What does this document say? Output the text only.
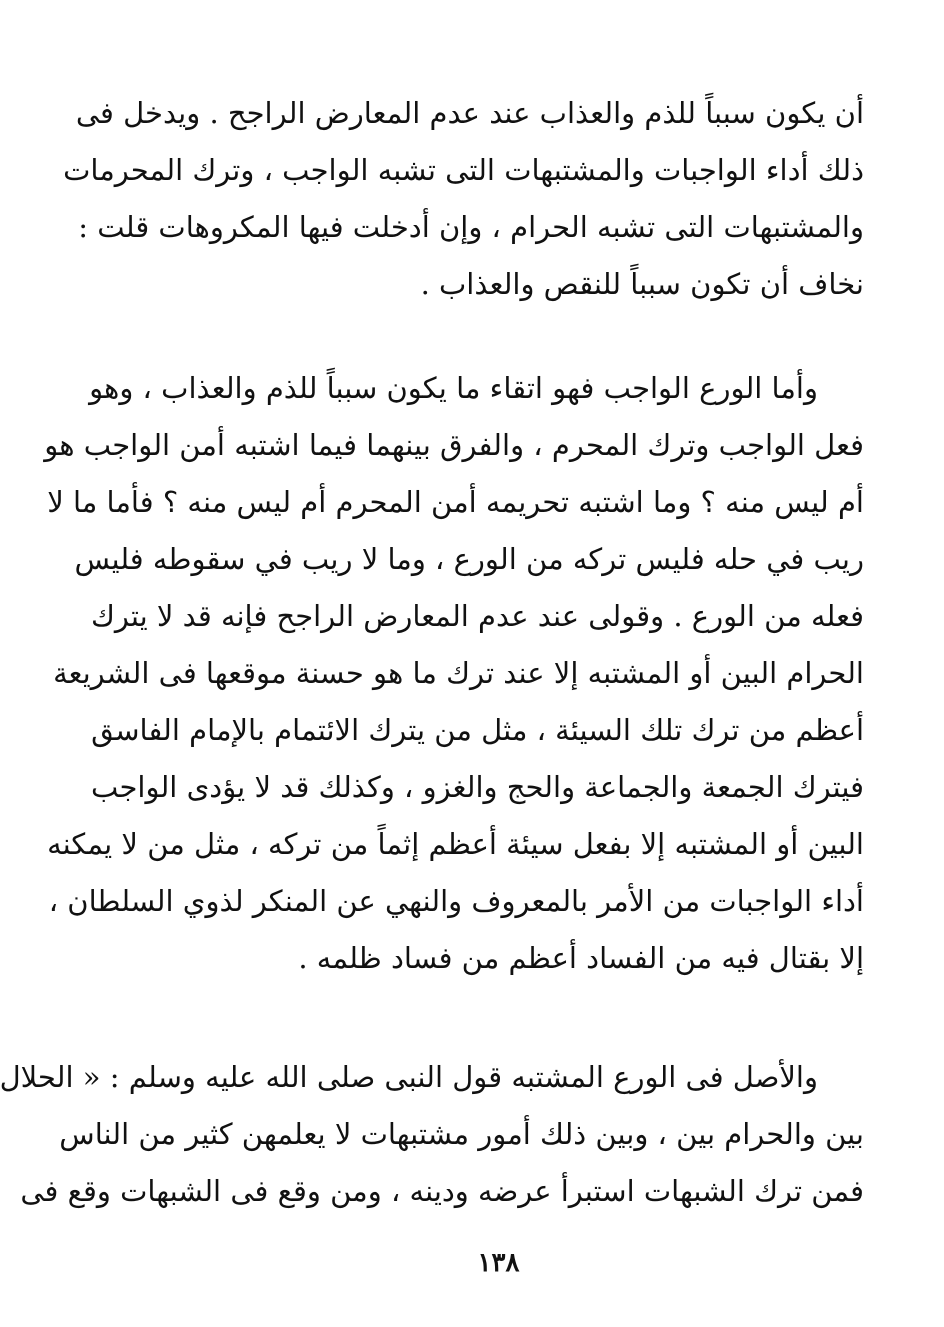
أن يكون سبباً للذم والعذاب عند عدم المعارض الراجح . ويدخل فى
ذلك أداء الواجبات والمشتبهات التى تشبه الواجب ، وترك المحرمات
والمشتبهات التى تشبه الحرام ، وإن أدخلت فيها المكروهات قلت :
نخاف أن تكون سبباً للنقص والعذاب .
وأما الورع الواجب فهو اتقاء ما يكون سبباً للذم والعذاب ، وهو
فعل الواجب وترك المحرم ، والفرق بينهما فيما اشتبه أمن الواجب هو
أم ليس منه ؟ وما اشتبه تحريمه أمن المحرم أم ليس منه ؟ فأما ما لا
ريب في حله فليس تركه من الورع ، وما لا ريب في سقوطه فليس
فعله من الورع . وقولى عند عدم المعارض الراجح فإنه قد لا يترك
الحرام البين أو المشتبه إلا عند ترك ما هو حسنة موقعها فى الشريعة
أعظم من ترك تلك السيئة ، مثل من يترك الائتمام بالإمام الفاسق
فيترك الجمعة والجماعة والحج والغزو ، وكذلك قد لا يؤدى الواجب
البين أو المشتبه إلا بفعل سيئة أعظم إثماً من تركه ، مثل من لا يمكنه
أداء الواجبات من الأمر بالمعروف والنهي عن المنكر لذوي السلطان ،
إلا بقتال فيه من الفساد أعظم من فساد ظلمه .
والأصل فى الورع المشتبه قول النبى صلى الله عليه وسلم : « الحلال
بين والحرام بين ، وبين ذلك أمور مشتبهات لا يعلمهن كثير من الناس
فمن ترك الشبهات استبرأ عرضه ودينه ، ومن وقع فى الشبهات وقع فى
١٣٨
